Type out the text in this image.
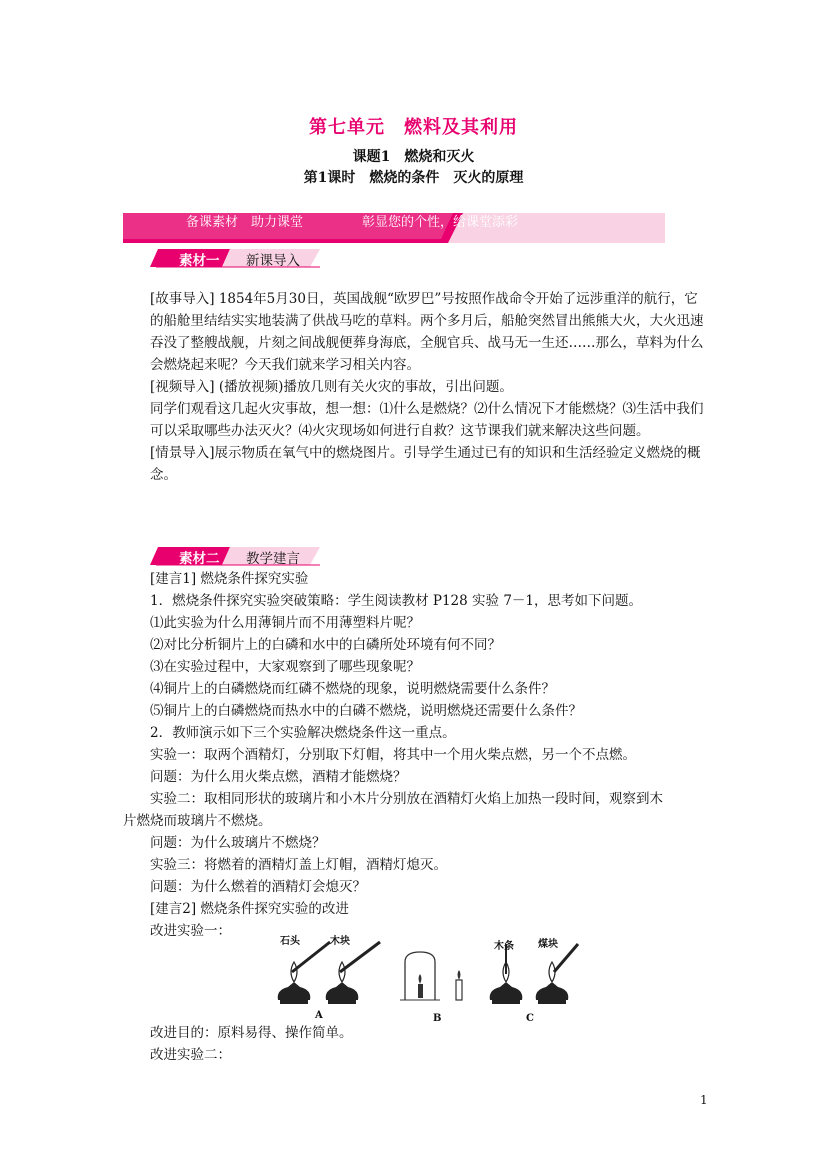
第七单元　燃料及其利用
课题1　燃烧和灭火
第1课时　燃烧的条件　灭火的原理
备课素材　助力课堂	彰显您的个性，给课堂添彩
素材一 新课导入

[故事导入] 1854年5月30日，英国战舰“欧罗巴”号按照作战命令开始了远涉重洋的航行，它的船舱里结结实实地装满了供战马吃的草料。两个多月后，船舱突然冒出熊熊大火，大火迅速吞没了整艘战舰，片刻之间战舰便葬身海底，全舰官兵、战马无一生还……那么，草料为什么会燃烧起来呢？今天我们就来学习相关内容。

[视频导入] (播放视频)播放几则有关火灾的事故，引出问题。

同学们观看这几起火灾事故，想一想：⑴什么是燃烧？⑵什么情况下才能燃烧？⑶生活中我们可以采取哪些办法灭火？⑷火灾现场如何进行自救？这节课我们就来解决这些问题。

[情景导入]展示物质在氧气中的燃烧图片。引导学生通过已有的知识和生活经验定义燃烧的概念。

素材二 教学建言
[建言1] 燃烧条件探究实验
1．燃烧条件探究实验突破策略：学生阅读教材 P128 实验 7－1，思考如下问题。
⑴此实验为什么用薄铜片而不用薄塑料片呢？
⑵对比分析铜片上的白磷和水中的白磷所处环境有何不同？
⑶在实验过程中，大家观察到了哪些现象呢？
⑷铜片上的白磷燃烧而红磷不燃烧的现象，说明燃烧需要什么条件？
⑸铜片上的白磷燃烧而热水中的白磷不燃烧，说明燃烧还需要什么条件？
2．教师演示如下三个实验解决燃烧条件这一重点。
实验一：取两个酒精灯，分别取下灯帽，将其中一个用火柴点燃，另一个不点燃。
问题：为什么用火柴点燃，酒精才能燃烧？
实验二：取相同形状的玻璃片和小木片分别放在酒精灯火焰上加热一段时间，观察到木
片燃烧而玻璃片不燃烧。
问题：为什么玻璃片不燃烧？
实验三：将燃着的酒精灯盖上灯帽，酒精灯熄灭。
问题：为什么燃着的酒精灯会熄灭？
[建言2] 燃烧条件探究实验的改进
改进实验一：
石头	木块	木条 煤块
A	B	C
改进目的：原料易得、操作简单。
改进实验二：
1
